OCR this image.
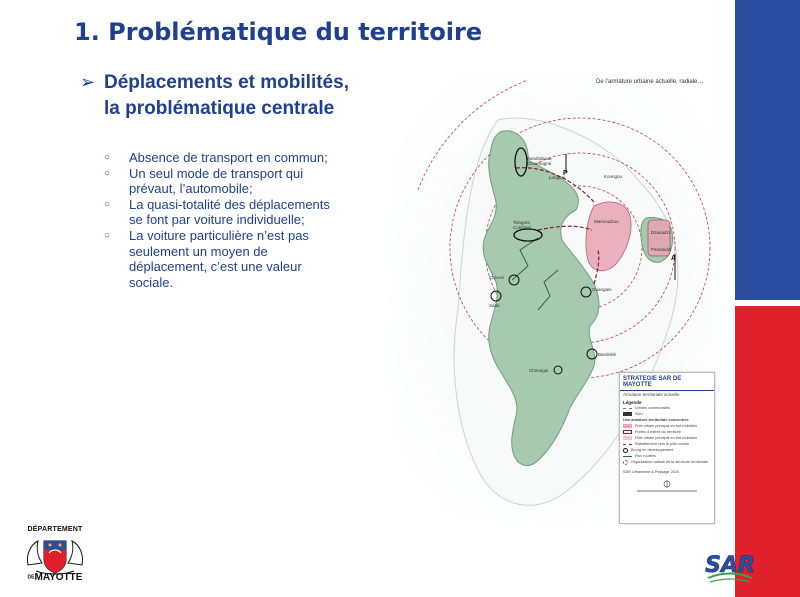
1. Problématique du territoire
➢ Déplacements et mobilités,
la problématique centrale
○ Absence de transport en commun;
○ Un seul mode de transport qui prévaut, l’automobile;
○ La quasi-totalité des déplacements se font par voiture individuelle;
○ La voiture particulière n’est pas seulement un moyen de déplacement, c’est une valeur sociale.
De l’armature urbaine actuelle, radiale…
Bandraboua Dzoumogné
Longoni	Koungou
Mamoudzou
Dzaoudzi
Pamandzi
Tsingoni Combani
Chiconi
Sada
Ouangani
Bandrélé
Chirongui
P
A
STRATEGIE SAR DE MAYOTTE
Armature territoriale actuelle
Légende
Limites communales
SAU
Une armature territoriale concentrée
Pôle urbain principal en fort mutation
Portes d’entrée du territoire
Pôle urbain principal en fort mutation
Rabattement vers le pôle urbain
Bourg en développement
Flux routiers
Organisation radiale de la structure territoriale
SAR Urbanisme & Paysage 2020
DÉPARTEMENT
DEMAYOTTE	SAR
